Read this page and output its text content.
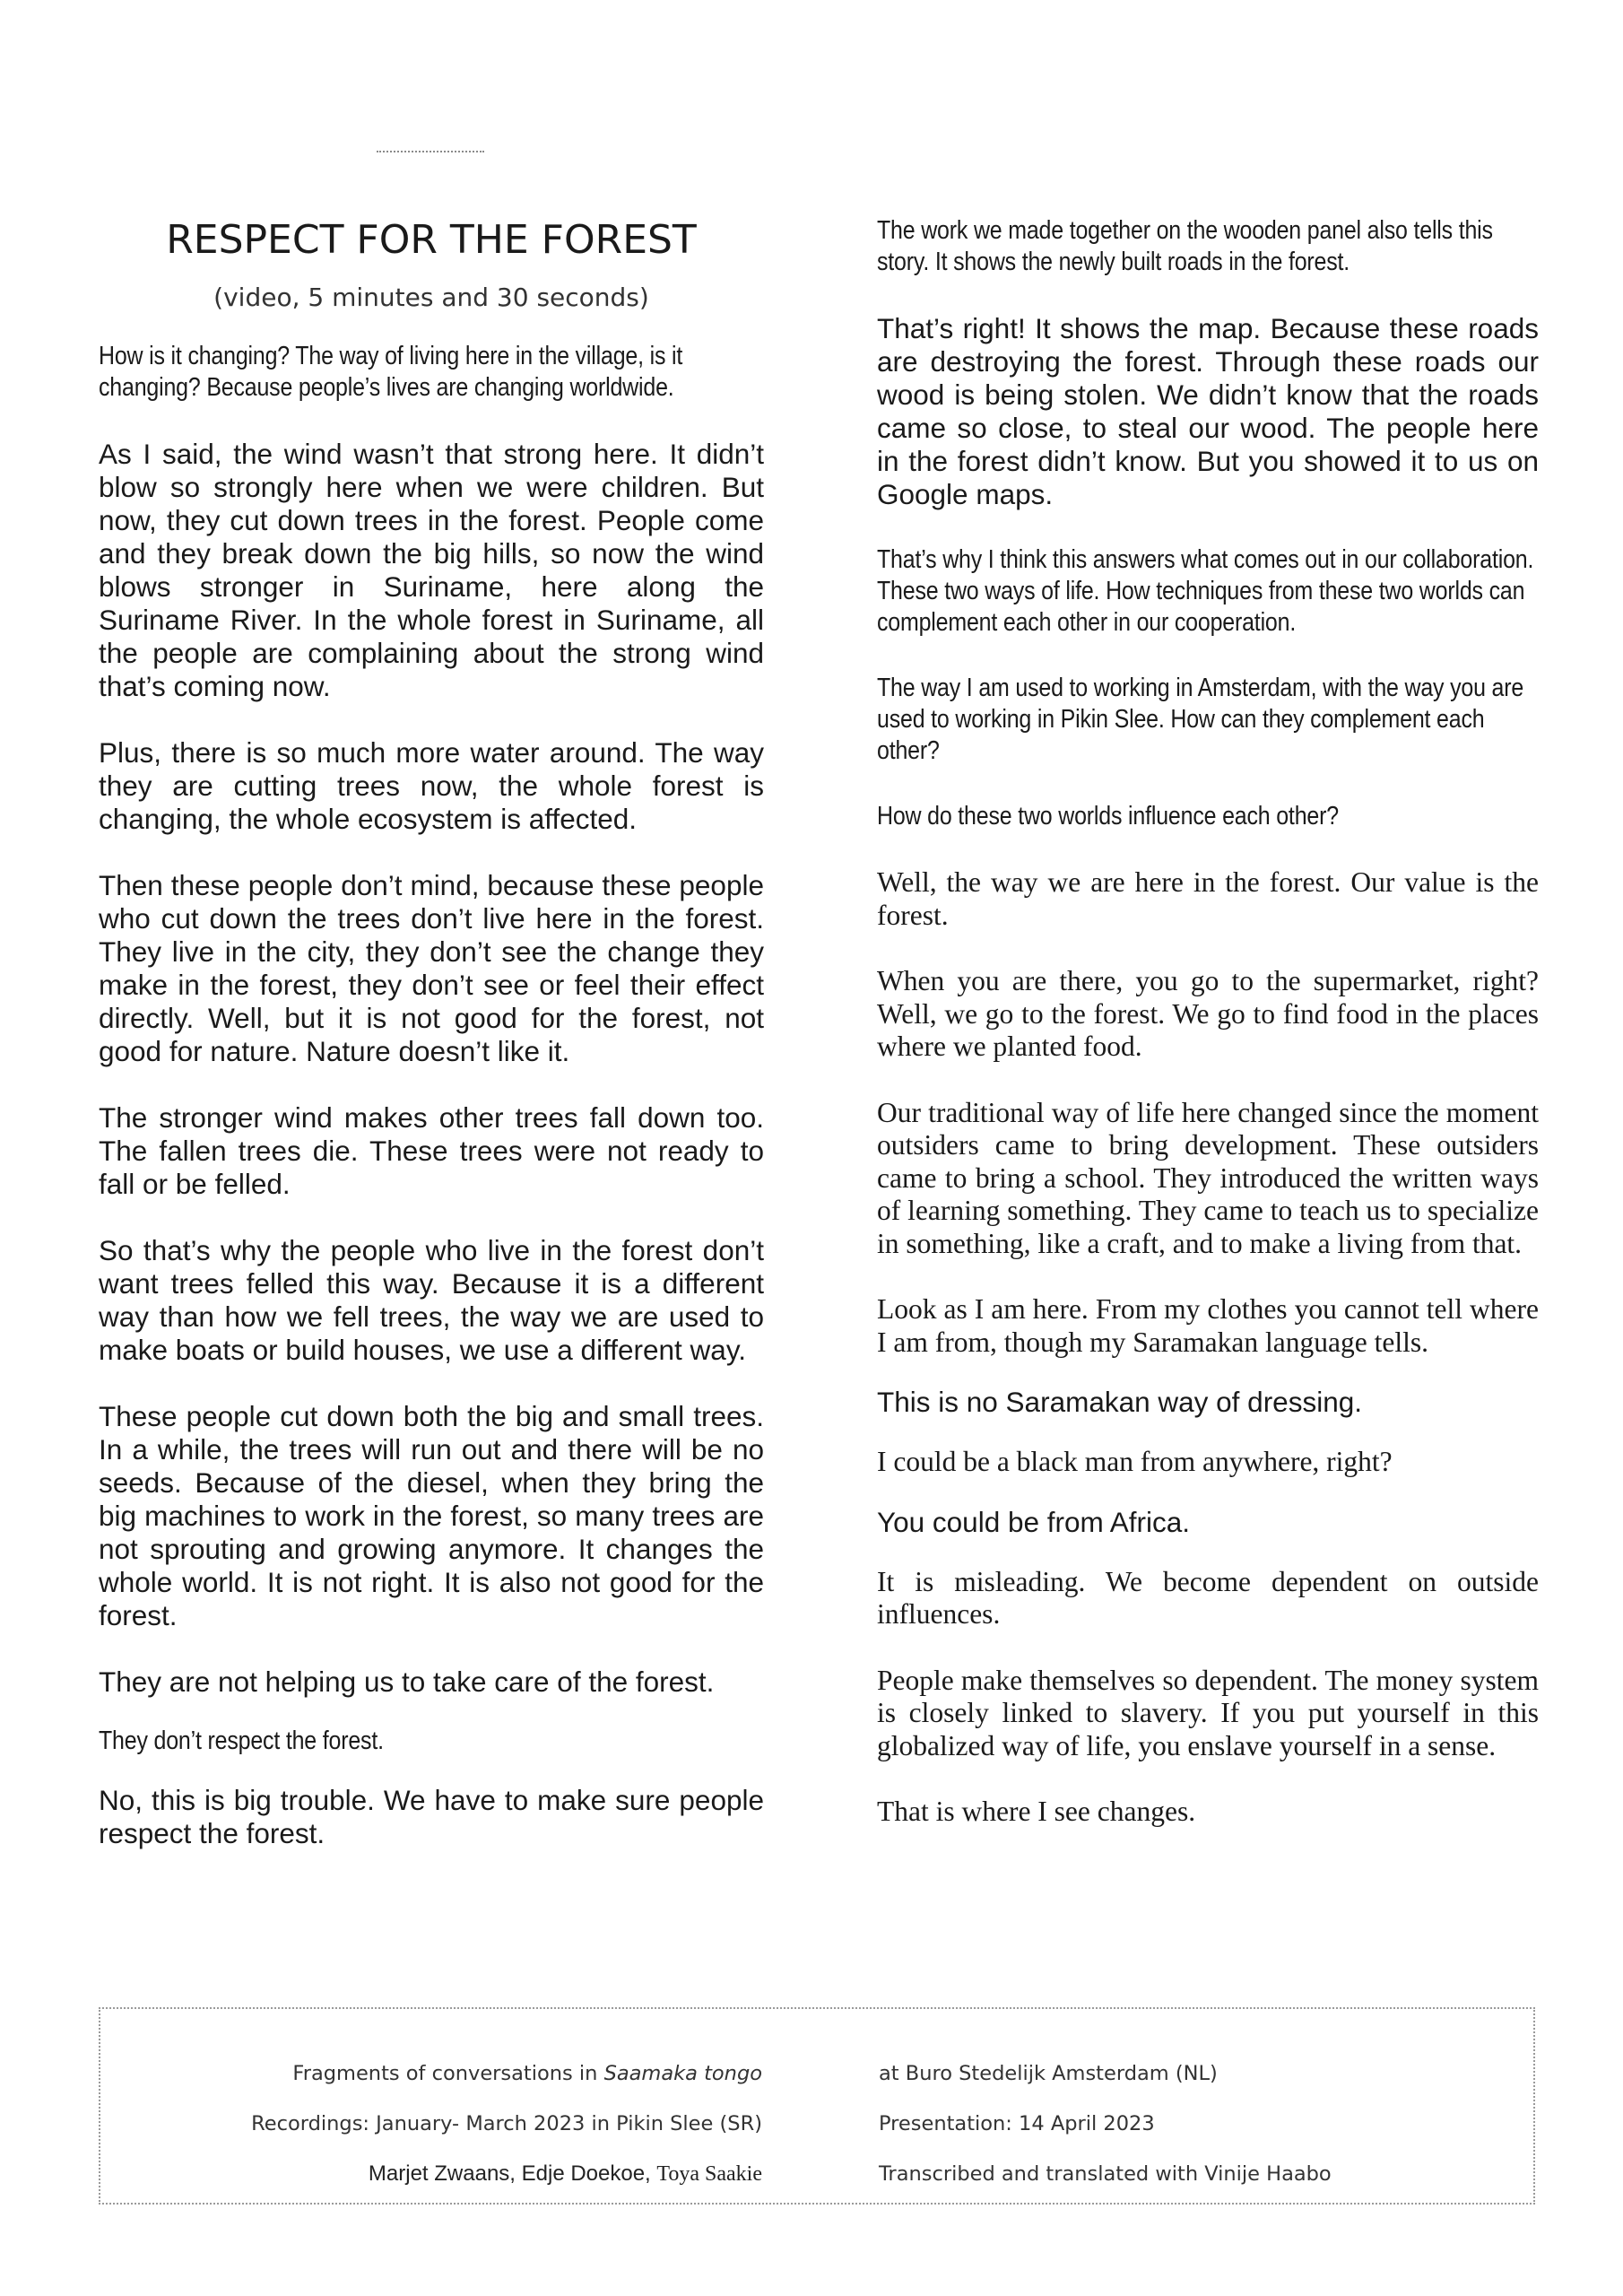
RESPECT FOR THE FOREST
(video, 5 minutes and 30 seconds)

How is it changing? The way of living here in the village, is it changing? Because people’s lives are changing worldwide.

As I said, the wind wasn’t that strong here. It didn’t blow so strongly here when we were children. But now, they cut down trees in the forest. People come and they break down the big hills, so now the wind blows stronger in Suriname, here along the Suriname River. In the whole forest in Suriname, all the people are complaining about the strong wind that’s coming now.

Plus, there is so much more water around. The way they are cutting trees now, the whole forest is changing, the whole ecosystem is affected.

Then these people don’t mind, because these people who cut down the trees don’t live here in the forest. They live in the city, they don’t see the change they make in the forest, they don’t see or feel their effect directly. Well, but it is not good for the forest, not good for nature. Nature doesn’t like it.

The stronger wind makes other trees fall down too. The fallen trees die. These trees were not ready to fall or be felled.

So that’s why the people who live in the forest don’t want trees felled this way. Because it is a different way than how we fell trees, the way we are used to make boats or build houses, we use a different way.

These people cut down both the big and small trees. In a while, the trees will run out and there will be no seeds. Because of the diesel, when they bring the big machines to work in the forest, so many trees are not sprouting and growing anymore. It changes the whole world. It is not right. It is also not good for the forest.

They are not helping us to take care of the forest.

They don’t respect the forest.

No, this is big trouble. We have to make sure people respect the forest.

The work we made together on the wooden panel also tells this story. It shows the newly built roads in the forest.

That’s right! It shows the map. Because these roads are destroying the forest. Through these roads our wood is being stolen. We didn’t know that the roads came so close, to steal our wood. The people here in the forest didn’t know. But you showed it to us on Google maps.

That’s why I think this answers what comes out in our collaboration. These two ways of life. How techniques from these two worlds can complement each other in our cooperation.

The way I am used to working in Amsterdam, with the way you are used to working in Pikin Slee. How can they complement each other?

How do these two worlds influence each other?

Well, the way we are here in the forest. Our value is the forest.

When you are there, you go to the supermarket, right? Well, we go to the forest. We go to find food in the places where we planted food.

Our traditional way of life here changed since the moment outsiders came to bring development. These outsiders came to bring a school. They introduced the written ways of learning something. They came to teach us to specialize in something, like a craft, and to make a living from that.

Look as I am here. From my clothes you cannot tell where I am from, though my Saramakan language tells.

This is no Saramakan way of dressing.

I could be a black man from anywhere, right?

You could be from Africa.

It is misleading. We become dependent on outside influences.

People make themselves so dependent. The money system is closely linked to slavery. If you put yourself in this globalized way of life, you enslave yourself in a sense.

That is where I see changes.

Fragments of conversations in Saamaka tongo
Recordings: January- March 2023 in Pikin Slee (SR)
Marjet Zwaans, Edje Doekoe, Toya Saakie
at Buro Stedelijk Amsterdam (NL)
Presentation: 14 April 2023
Transcribed and translated with Vinije Haabo
